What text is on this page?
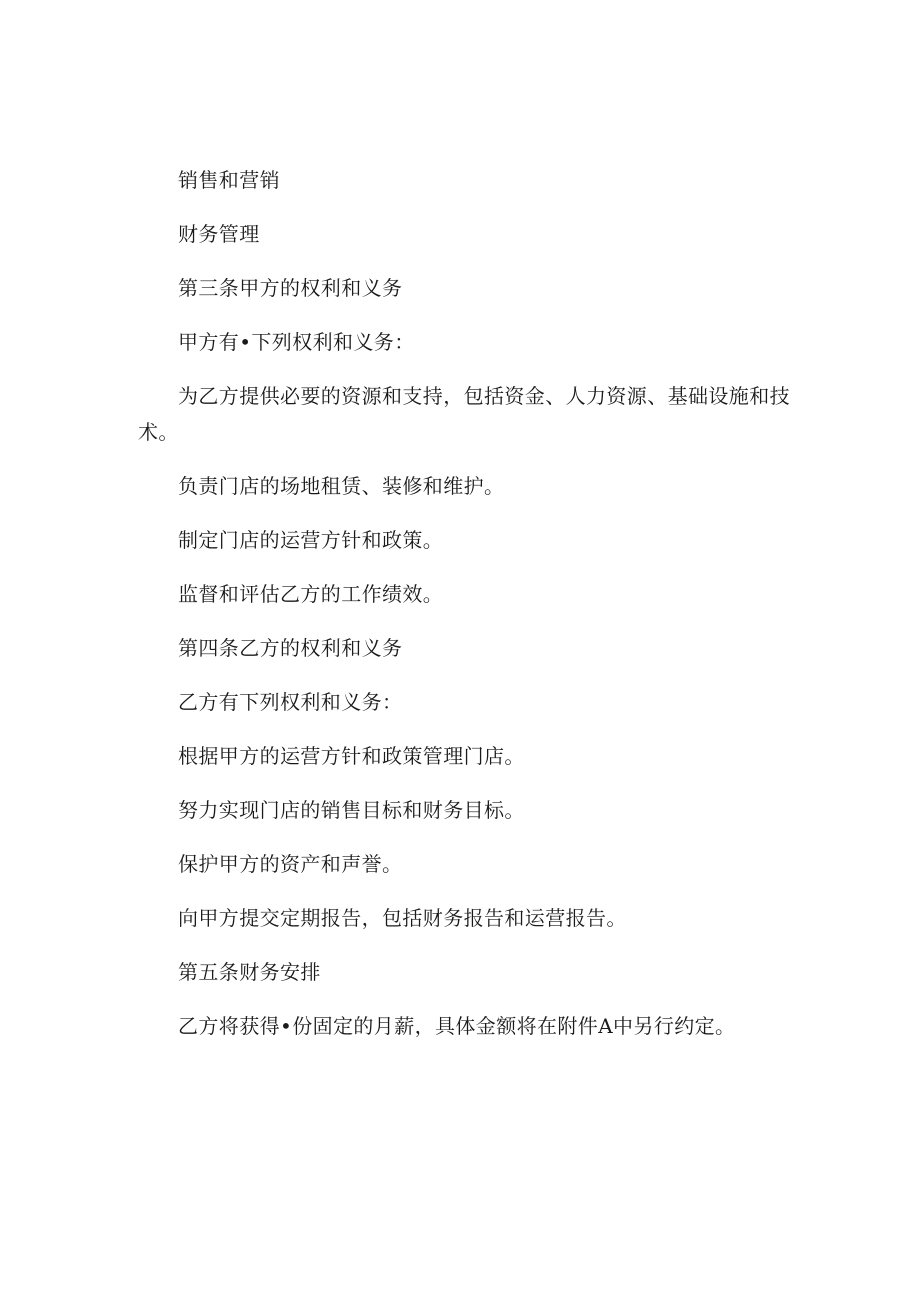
销售和营销

财务管理

第三条甲方的权利和义务

甲方有•下列权利和义务：

为乙方提供必要的资源和支持，包括资金、人力资源、基础设施和技术。

负责门店的场地租赁、装修和维护。

制定门店的运营方针和政策。

监督和评估乙方的工作绩效。

第四条乙方的权利和义务

乙方有下列权利和义务：

根据甲方的运营方针和政策管理门店。

努力实现门店的销售目标和财务目标。

保护甲方的资产和声誉。

向甲方提交定期报告，包括财务报告和运营报告。

第五条财务安排

乙方将获得•份固定的月薪，具体金额将在附件A中另行约定。
